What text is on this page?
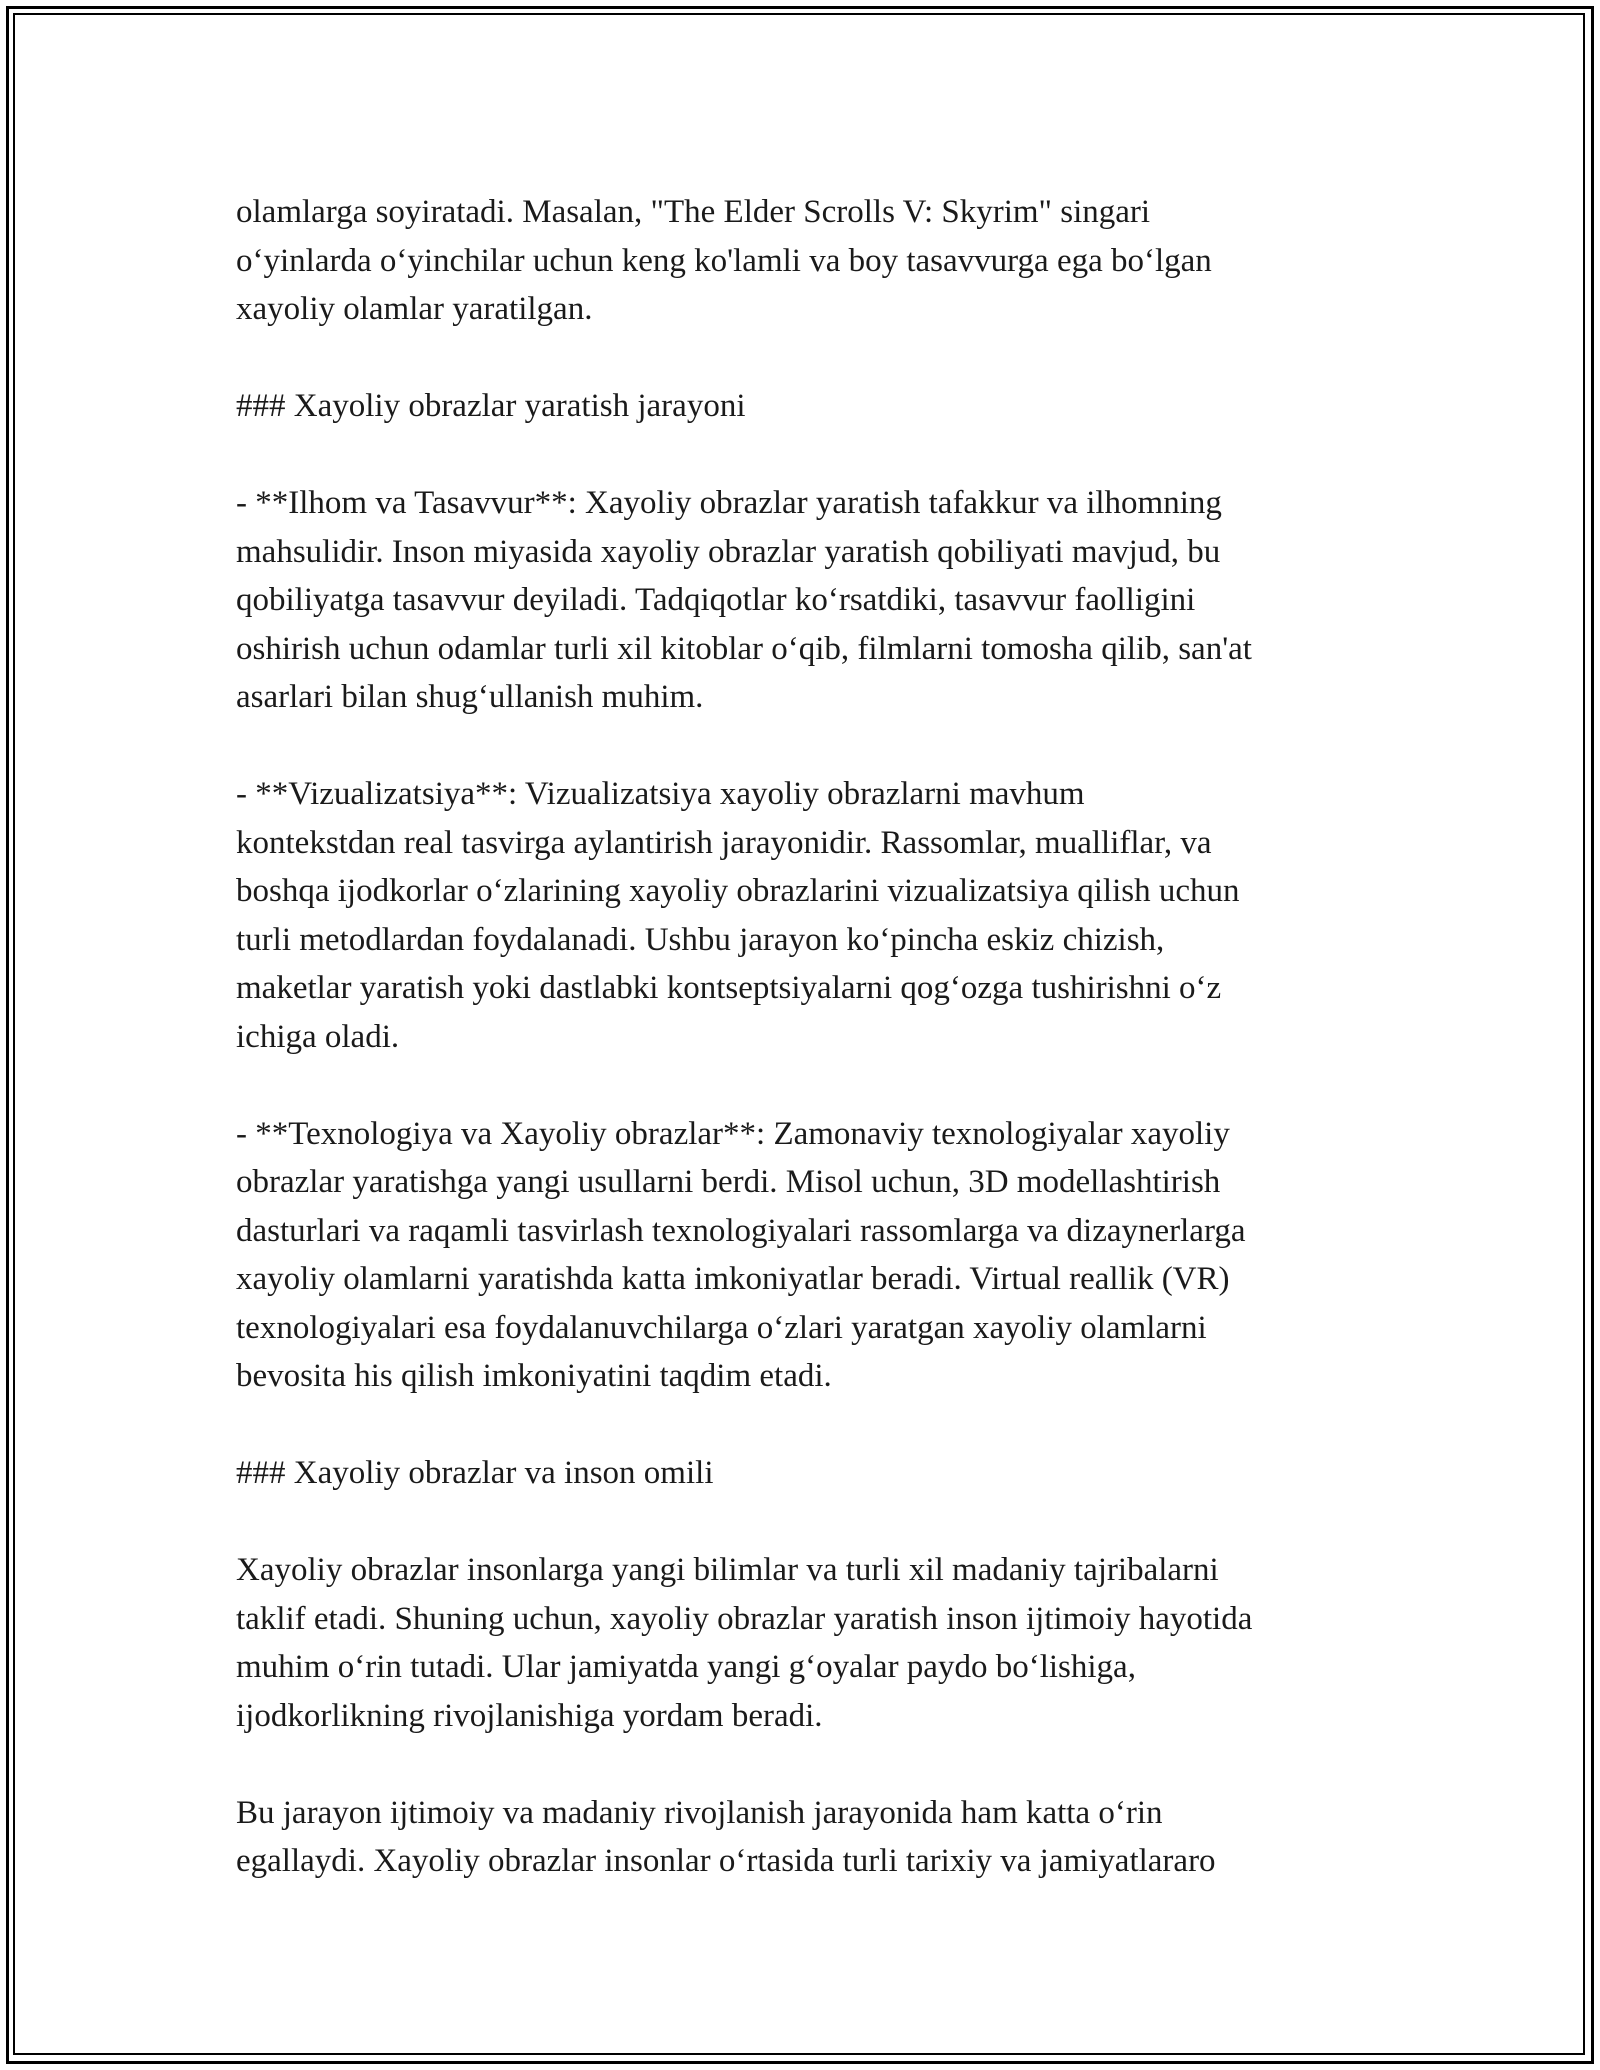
olamlarga soyiratadi. Masalan, "The Elder Scrolls V: Skyrim" singari
o‘yinlarda o‘yinchilar uchun keng ko'lamli va boy tasavvurga ega bo‘lgan
xayoliy olamlar yaratilgan.

### Xayoliy obrazlar yaratish jarayoni

- **Ilhom va Tasavvur**: Xayoliy obrazlar yaratish tafakkur va ilhomning
mahsulidir. Inson miyasida xayoliy obrazlar yaratish qobiliyati mavjud, bu
qobiliyatga tasavvur deyiladi. Tadqiqotlar ko‘rsatdiki, tasavvur faolligini
oshirish uchun odamlar turli xil kitoblar o‘qib, filmlarni tomosha qilib, san'at
asarlari bilan shug‘ullanish muhim.

- **Vizualizatsiya**: Vizualizatsiya xayoliy obrazlarni mavhum
kontekstdan real tasvirga aylantirish jarayonidir. Rassomlar, mualliflar, va
boshqa ijodkorlar o‘zlarining xayoliy obrazlarini vizualizatsiya qilish uchun
turli metodlardan foydalanadi. Ushbu jarayon ko‘pincha eskiz chizish,
maketlar yaratish yoki dastlabki kontseptsiyalarni qog‘ozga tushirishni o‘z
ichiga oladi.

- **Texnologiya va Xayoliy obrazlar**: Zamonaviy texnologiyalar xayoliy
obrazlar yaratishga yangi usullarni berdi. Misol uchun, 3D modellashtirish
dasturlari va raqamli tasvirlash texnologiyalari rassomlarga va dizaynerlarga
xayoliy olamlarni yaratishda katta imkoniyatlar beradi. Virtual reallik (VR)
texnologiyalari esa foydalanuvchilarga o‘zlari yaratgan xayoliy olamlarni
bevosita his qilish imkoniyatini taqdim etadi.

### Xayoliy obrazlar va inson omili

Xayoliy obrazlar insonlarga yangi bilimlar va turli xil madaniy tajribalarni
taklif etadi. Shuning uchun, xayoliy obrazlar yaratish inson ijtimoiy hayotida
muhim o‘rin tutadi. Ular jamiyatda yangi g‘oyalar paydo bo‘lishiga,
ijodkorlikning rivojlanishiga yordam beradi.

Bu jarayon ijtimoiy va madaniy rivojlanish jarayonida ham katta o‘rin
egallaydi. Xayoliy obrazlar insonlar o‘rtasida turli tarixiy va jamiyatlararo
